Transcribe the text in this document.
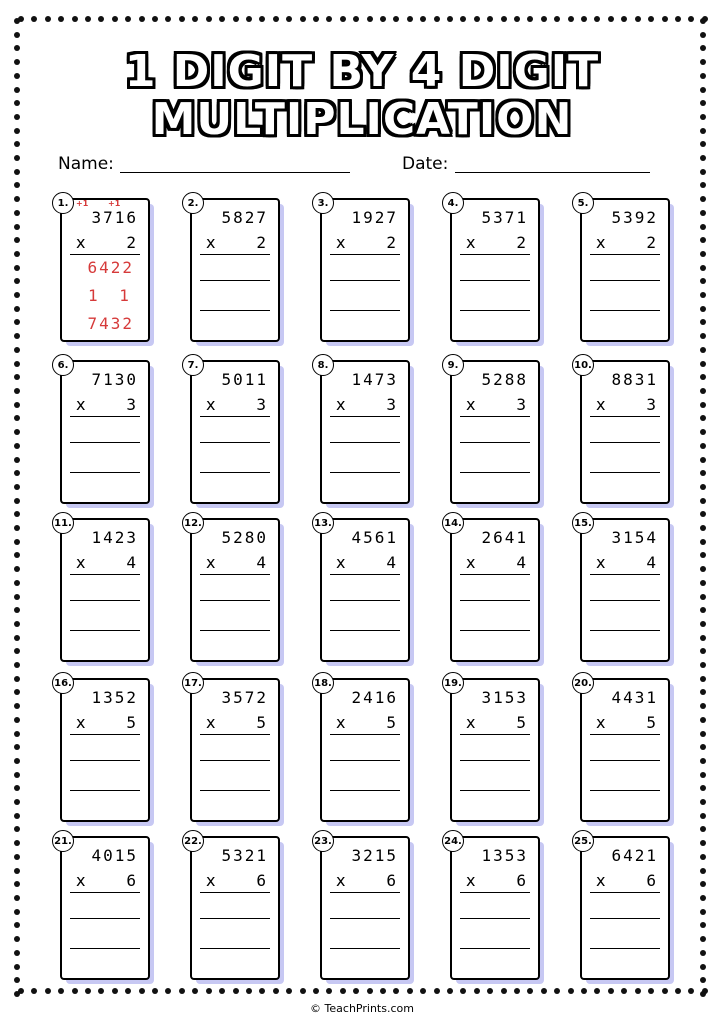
1 DIGIT BY 4 DIGIT
MULTIPLICATION
Name:	Date:
1.
3716
x	2
+1 +1
6422
1 1
7432
2.
5827
x	2
3.
1927
x	2
4.
5371
x	2
5.
5392
x	2
6.
7130
x	3
7.
5011
x	3
8.
1473
x	3
9.
5288
x	3
10.
8831
x	3
11.
1423
x	4
12.
5280
x	4
13.
4561
x	4
14.
2641
x	4
15.
3154
x	4
16.
1352
x	5
17.
3572
x	5
18.
2416
x	5
19.
3153
x	5
20.
4431
x	5
21.
4015
x	6
22.
5321
x	6
23.
3215
x	6
24.
1353
x	6
25.
6421
x	6
© TeachPrints.com
